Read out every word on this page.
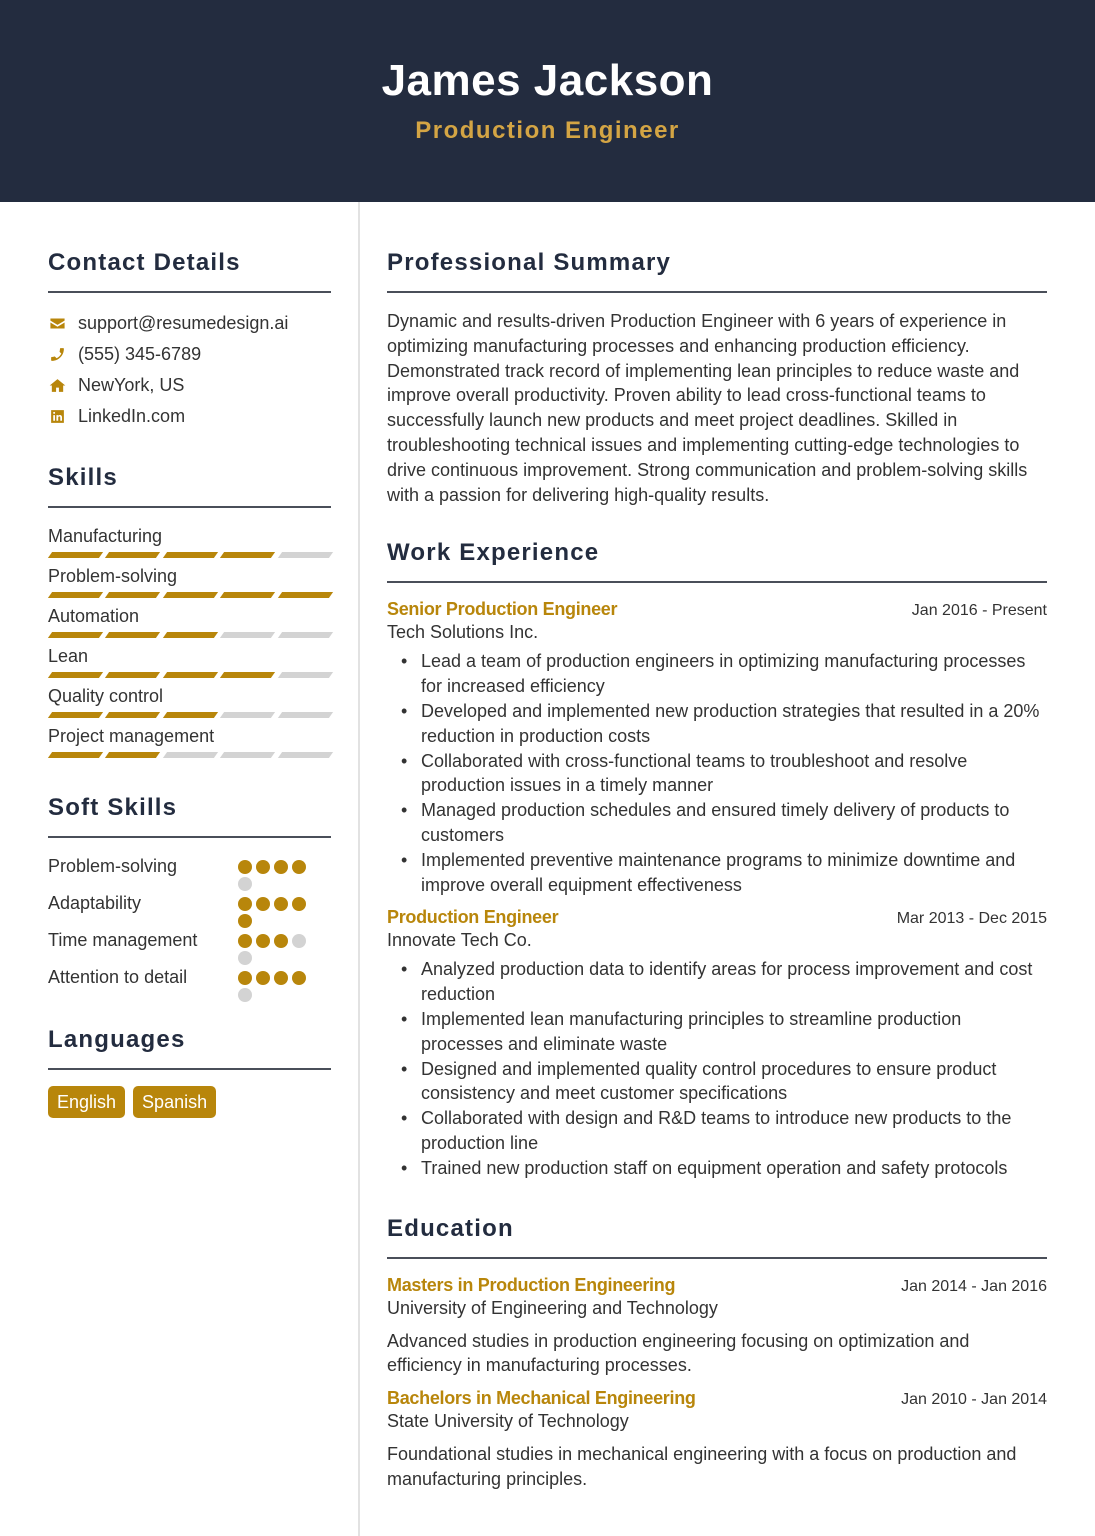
James Jackson
Production Engineer
Contact Details
support@resumedesign.ai
(555) 345-6789
NewYork, US
LinkedIn.com
Skills
Manufacturing
Problem-solving
Automation
Lean
Quality control
Project management
Soft Skills
Problem-solving
Adaptability
Time management
Attention to detail
Languages
English	Spanish
Professional Summary

Dynamic and results-driven Production Engineer with 6 years of experience in optimizing manufacturing processes and enhancing production efficiency. Demonstrated track record of implementing lean principles to reduce waste and improve overall productivity. Proven ability to lead cross-functional teams to successfully launch new products and meet project deadlines. Skilled in troubleshooting technical issues and implementing cutting-edge technologies to drive continuous improvement. Strong communication and problem-solving skills with a passion for delivering high-quality results.

Work Experience
Senior Production Engineer	Jan 2016 - Present
Tech Solutions Inc.
• Lead a team of production engineers in optimizing manufacturing processes for increased efficiency
• Developed and implemented new production strategies that resulted in a 20% reduction in production costs
• Collaborated with cross-functional teams to troubleshoot and resolve production issues in a timely manner
• Managed production schedules and ensured timely delivery of products to customers
• Implemented preventive maintenance programs to minimize downtime and improve overall equipment effectiveness
Production Engineer	Mar 2013 - Dec 2015
Innovate Tech Co.
• Analyzed production data to identify areas for process improvement and cost reduction
• Implemented lean manufacturing principles to streamline production processes and eliminate waste
• Designed and implemented quality control procedures to ensure product consistency and meet customer specifications
• Collaborated with design and R&D teams to introduce new products to the production line
• Trained new production staff on equipment operation and safety protocols
Education
Masters in Production Engineering	Jan 2014 - Jan 2016
University of Engineering and Technology

Advanced studies in production engineering focusing on optimization and efficiency in manufacturing processes.

Bachelors in Mechanical Engineering	Jan 2010 - Jan 2014
State University of Technology

Foundational studies in mechanical engineering with a focus on production and manufacturing principles.
